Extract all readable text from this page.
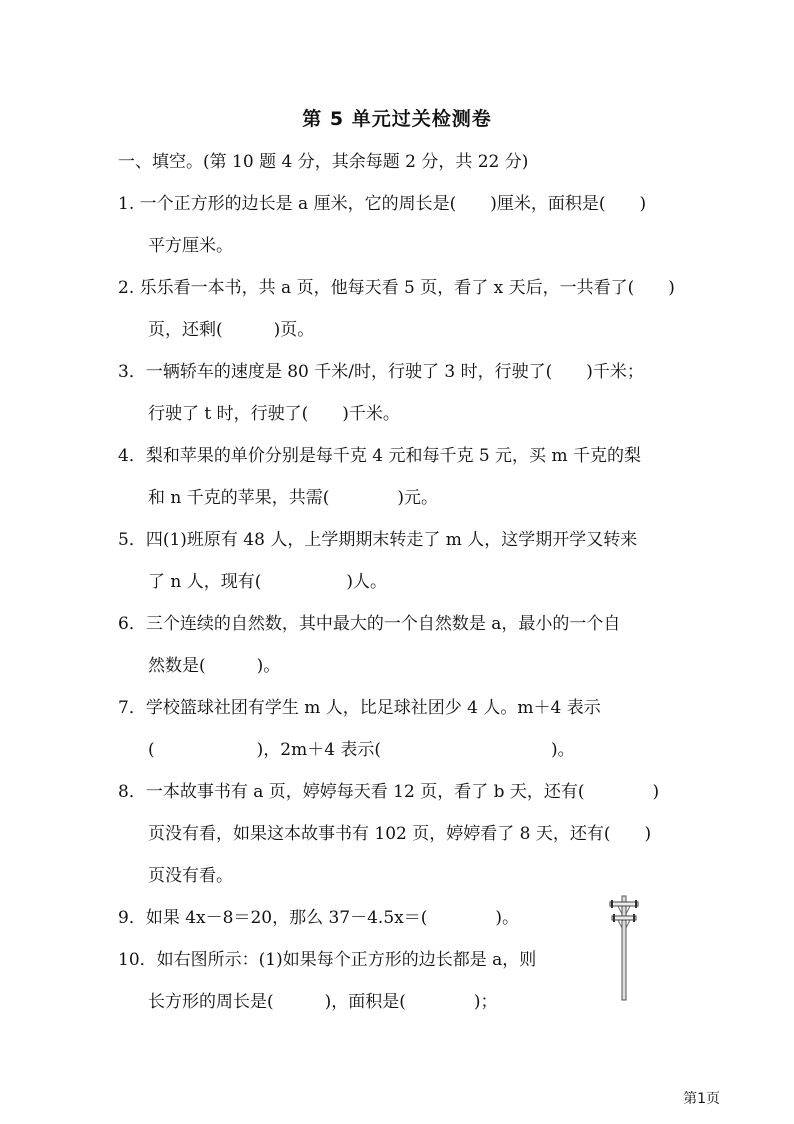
第 5 单元过关检测卷
一、填空。(第 10 题 4 分，其余每题 2 分，共 22 分)
1. 一个正方形的边长是 a 厘米，它的周长是(　　)厘米，面积是(　　)
平方厘米。
2. 乐乐看一本书，共 a 页，他每天看 5 页，看了 x 天后，一共看了(　　)
页，还剩(　　　)页。
3．一辆轿车的速度是 80 千米/时，行驶了 3 时，行驶了(　　)千米；
行驶了 t 时，行驶了(　　)千米。
4．梨和苹果的单价分别是每千克 4 元和每千克 5 元，买 m 千克的梨
和 n 千克的苹果，共需(　　　　)元。
5．四(1)班原有 48 人，上学期期末转走了 m 人，这学期开学又转来
了 n 人，现有(　　　　　)人。
6．三个连续的自然数，其中最大的一个自然数是 a，最小的一个自
然数是(　　　)。
7．学校篮球社团有学生 m 人，比足球社团少 4 人。m＋4 表示
(　　　　　　)，2m＋4 表示(　　　　　　　　　　)。
8．一本故事书有 a 页，婷婷每天看 12 页，看了 b 天，还有(　　　　)
页没有看，如果这本故事书有 102 页，婷婷看了 8 天，还有(　　)
页没有看。
9．如果 4x－8＝20，那么 37－4.5x＝(　　　　)。
10．如右图所示：(1)如果每个正方形的边长都是 a，则
长方形的周长是(　　　)，面积是(　　　　)；
第1页
